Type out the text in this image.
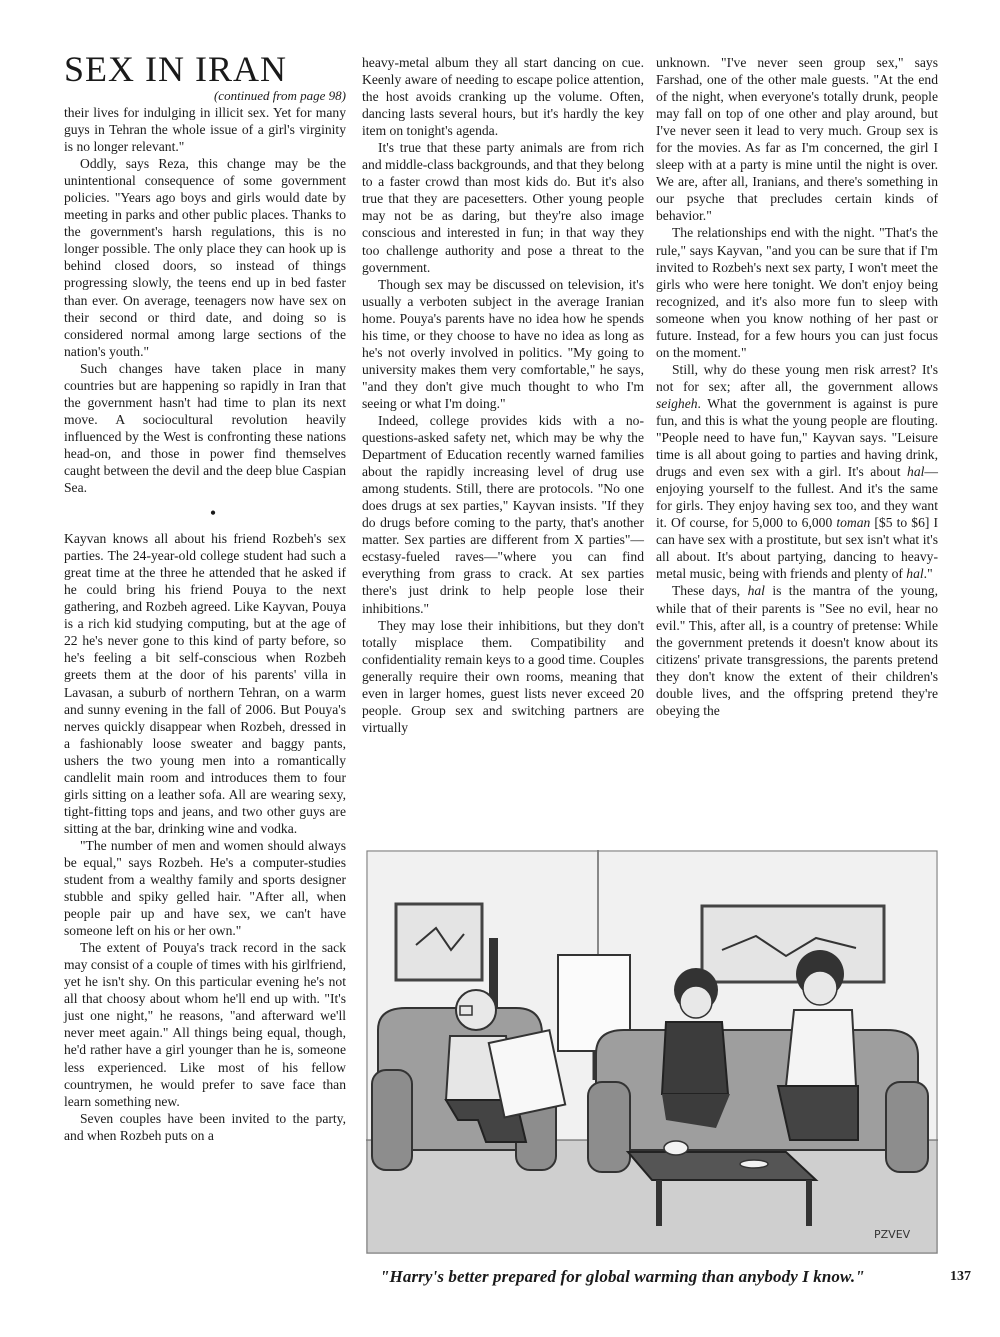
SEX IN IRAN

(continued from page 98)

their lives for indulging in illicit sex. Yet for many guys in Tehran the whole issue of a girl's virginity is no longer relevant."

Oddly, says Reza, this change may be the unintentional consequence of some government policies. "Years ago boys and girls would date by meeting in parks and other public places. Thanks to the government's harsh regulations, this is no longer possible. The only place they can hook up is behind closed doors, so instead of things progressing slowly, the teens end up in bed faster than ever. On average, teenagers now have sex on their second or third date, and doing so is considered normal among large sections of the nation's youth."

Such changes have taken place in many countries but are happening so rapidly in Iran that the government hasn't had time to plan its next move. A sociocultural revolution heavily influenced by the West is confronting these nations head-on, and those in power find themselves caught between the devil and the deep blue Caspian Sea.

•

Kayvan knows all about his friend Rozbeh's sex parties. The 24-year-old college student had such a great time at the three he attended that he asked if he could bring his friend Pouya to the next gathering, and Rozbeh agreed. Like Kayvan, Pouya is a rich kid studying computing, but at the age of 22 he's never gone to this kind of party before, so he's feeling a bit self-conscious when Rozbeh greets them at the door of his parents' villa in Lavasan, a suburb of northern Tehran, on a warm and sunny evening in the fall of 2006. But Pouya's nerves quickly disappear when Rozbeh, dressed in a fashionably loose sweater and baggy pants, ushers the two young men into a romantically candlelit main room and introduces them to four girls sitting on a leather sofa. All are wearing sexy, tight-fitting tops and jeans, and two other guys are sitting at the bar, drinking wine and vodka.

"The number of men and women should always be equal," says Rozbeh. He's a computer-studies student from a wealthy family and sports designer stubble and spiky gelled hair. "After all, when people pair up and have sex, we can't have someone left on his or her own."

The extent of Pouya's track record in the sack may consist of a couple of times with his girlfriend, yet he isn't shy. On this particular evening he's not all that choosy about whom he'll end up with. "It's just one night," he reasons, "and afterward we'll never meet again." All things being equal, though, he'd rather have a girl younger than he is, someone less experienced. Like most of his fellow countrymen, he would prefer to save face than learn something new.

Seven couples have been invited to the party, and when Rozbeh puts on a

heavy-metal album they all start dancing on cue. Keenly aware of needing to escape police attention, the host avoids cranking up the volume. Often, dancing lasts several hours, but it's hardly the key item on tonight's agenda.

It's true that these party animals are from rich and middle-class backgrounds, and that they belong to a faster crowd than most kids do. But it's also true that they are pacesetters. Other young people may not be as daring, but they're also image conscious and interested in fun; in that way they too challenge authority and pose a threat to the government.

Though sex may be discussed on television, it's usually a verboten subject in the average Iranian home. Pouya's parents have no idea how he spends his time, or they choose to have no idea as long as he's not overly involved in politics. "My going to university makes them very comfortable," he says, "and they don't give much thought to who I'm seeing or what I'm doing."

Indeed, college provides kids with a no-questions-asked safety net, which may be why the Department of Education recently warned families about the rapidly increasing level of drug use among students. Still, there are protocols. "No one does drugs at sex parties," Kayvan insists. "If they do drugs before coming to the party, that's another matter. Sex parties are different from X parties"—ecstasy-fueled raves—"where you can find everything from grass to crack. At sex parties there's just drink to help people lose their inhibitions."

They may lose their inhibitions, but they don't totally misplace them. Compatibility and confidentiality remain keys to a good time. Couples generally require their own rooms, meaning that even in larger homes, guest lists never exceed 20 people. Group sex and switching partners are virtually

unknown. "I've never seen group sex," says Farshad, one of the other male guests. "At the end of the night, when everyone's totally drunk, people may fall on top of one other and play around, but I've never seen it lead to very much. Group sex is for the movies. As far as I'm concerned, the girl I sleep with at a party is mine until the night is over. We are, after all, Iranians, and there's something in our psyche that precludes certain kinds of behavior."

The relationships end with the night. "That's the rule," says Kayvan, "and you can be sure that if I'm invited to Rozbeh's next sex party, I won't meet the girls who were here tonight. We don't enjoy being recognized, and it's also more fun to sleep with someone when you know nothing of her past or future. Instead, for a few hours you can just focus on the moment."

Still, why do these young men risk arrest? It's not for sex; after all, the government allows seigheh. What the government is against is pure fun, and this is what the young people are flouting. "People need to have fun," Kayvan says. "Leisure time is all about going to parties and having drink, drugs and even sex with a girl. It's about hal—enjoying yourself to the fullest. And it's the same for girls. They enjoy having sex too, and they want it. Of course, for 5,000 to 6,000 toman [$5 to $6] I can have sex with a prostitute, but sex isn't what it's all about. It's about partying, dancing to heavy-metal music, being with friends and plenty of hal."

These days, hal is the mantra of the young, while that of their parents is "See no evil, hear no evil." This, after all, is a country of pretense: While the government pretends it doesn't know about its citizens' private transgressions, the parents pretend they don't know the extent of their children's double lives, and the offspring pretend they're obeying the

PZVEV
"Harry's better prepared for global warming than anybody I know."	137
